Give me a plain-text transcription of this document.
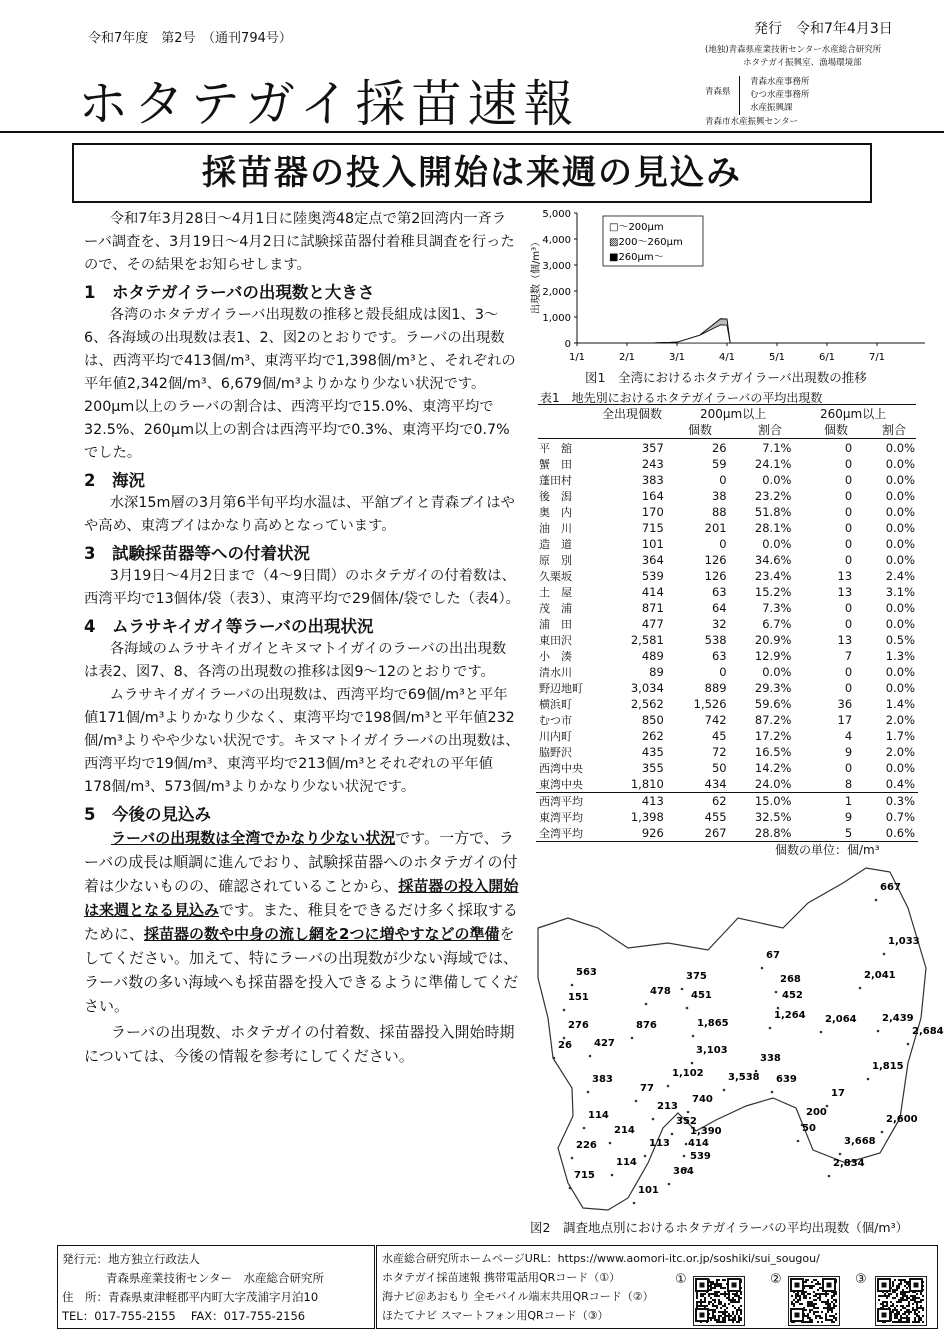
令和7年度　第2号　（通刊794号）
発行　令和7年4月3日
ホタテガイ採苗速報
(地独)青森県産業技術センター水産総合研究所
ホタテガイ振興室、漁場環境部
青森県
青森水産事務所
むつ水産事務所
水産振興課
青森市水産振興センター
採苗器の投入開始は来週の見込み

令和7年3月28日～4月1日に陸奥湾48定点で第2回湾内一斉ラーバ調査を、3月19日～4月2日に試験採苗器付着稚貝調査を行ったので、その結果をお知らせします。

1　ホタテガイラーバの出現数と大きさ

各湾のホタテガイラーバ出現数の推移と殻長組成は図1、3～6、各海域の出現数は表1、2、図2のとおりです。ラーバの出現数は、西湾平均で413個/m³、東湾平均で1,398個/m³と、それぞれの平年値2,342個/m³、6,679個/m³よりかなり少ない状況です。200μm以上のラーバの割合は、西湾平均で15.0%、東湾平均で32.5%、260μm以上の割合は西湾平均で0.3%、東湾平均で0.7%でした。

2　海況

水深15m層の3月第6半旬平均水温は、平舘ブイと青森ブイはやや高め、東湾ブイはかなり高めとなっています。

3　試験採苗器等への付着状況

3月19日～4月2日まで（4～9日間）のホタテガイの付着数は、西湾平均で13個体/袋（表3）、東湾平均で29個体/袋でした（表4）。

4　ムラサキイガイ等ラーバの出現状況

各海域のムラサキイガイとキヌマトイガイのラーバの出出現数は表2、図7、8、各湾の出現数の推移は図9～12のとおりです。

ムラサキイガイラーバの出現数は、西湾平均で69個/m³と平年値171個/m³よりかなり少なく、東湾平均で198個/m³と平年値232個/m³よりやや少ない状況です。キヌマトイガイラーバの出現数は、西湾平均で19個/m³、東湾平均で213個/m³とそれぞれの平年値178個/m³、573個/m³よりかなり少ない状況です。

5　今後の見込み

ラーバの出現数は全湾でかなり少ない状況です。一方で、ラーバの成長は順調に進んでおり、試験採苗器へのホタテガイの付着は少ないものの、確認されていることから、採苗器の投入開始は来週となる見込みです。また、稚貝をできるだけ多く採取するために、採苗器の数や中身の流し網を2つに増やすなどの準備をしてください。加えて、特にラーバの出現数が少ない海域では、ラーバ数の多い海域へも採苗器を投入できるように準備してください。

ラーバの出現数、ホタテガイの付着数、採苗器投入開始時期については、今後の情報を参考にしてください。

0
1,000
2,000
3,000
4,000
5,000
1/1	2/1	3/1	4/1	5/1	6/1	7/1
□～200μm
▨200～260μm
■260μm～
出現数（個/m³）
図1　全湾におけるホタテガイラーバ出現数の推移
表1　地先別におけるホタテガイラーバの平均出現数
全出現個数	200μm以上	260μm以上
個数	割合	個数	割合
平　舘	357	26	7.1%	0	0.0%
蟹　田	243	59	24.1%	0	0.0%
蓬田村	383	0	0.0%	0	0.0%
後　潟	164	38	23.2%	0	0.0%
奥　内	170	88	51.8%	0	0.0%
油　川	715	201	28.1%	0	0.0%
造　道	101	0	0.0%	0	0.0%
原　別	364	126	34.6%	0	0.0%
久栗坂	539	126	23.4%	13	2.4%
土　屋	414	63	15.2%	13	3.1%
茂　浦	871	64	7.3%	0	0.0%
浦　田	477	32	6.7%	0	0.0%
東田沢	2,581	538	20.9%	13	0.5%
小　湊	489	63	12.9%	7	1.3%
清水川	89	0	0.0%	0	0.0%
野辺地町	3,034	889	29.3%	0	0.0%
横浜町	2,562	1,526	59.6%	36	1.4%
むつ市	850	742	87.2%	17	2.0%
川内町	262	45	17.2%	4	1.7%
脇野沢	435	72	16.5%	9	2.0%
西湾中央	355	50	14.2%	0	0.0%
東湾中央	1,810	434	24.0%	8	0.4%
西湾平均	413	62	15.0%	1	0.3%
東湾平均	1,398	455	32.5%	9	0.7%
全湾平均	926	267	28.8%	5	0.6%
個数の単位：個/m³
667
1,033
67
268	2,041
375
478 451	452
563
151
276	876	1,865
1,264 2,064	2,439
2,684
26 427
3,103
338
1,815
1,102 3,538 639
383
77
740
17
213
200
2,600
114
352
50
214	1,390
3,668
226	113 414
539
2,834
114
364
715
101
図2　調査地点別におけるホタテガイラーバの平均出現数（個/m³）
発行元：地方独立行政法人
青森県産業技術センター　水産総合研究所
住　所：青森県東津軽郡平内町大字茂浦字月泊10
TEL：017-755-2155　 FAX：017-755-2156
水産総合研究所ホームページURL：https://www.aomori-itc.or.jp/soshiki/sui_sougou/
ホタテガイ採苗速報 携帯電話用QRコード（①）
海ナビ＠あおもり 全モバイル端末共用QRコード（②）
ほたてナビ スマートフォン用QRコード（③）
①	②	③
